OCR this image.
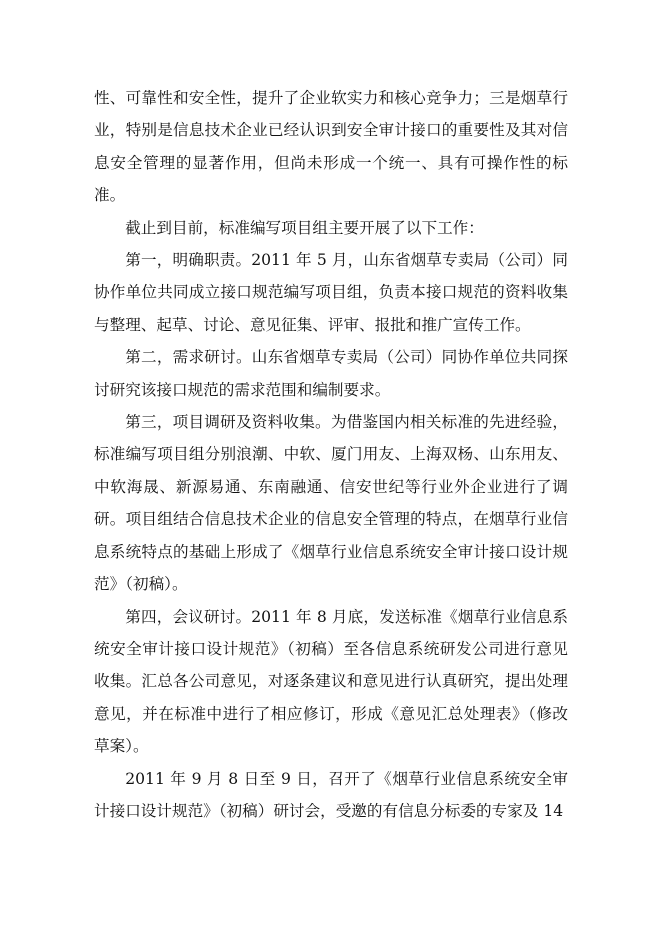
性、可靠性和安全性，提升了企业软实力和核心竞争力；三是烟草行业，特别是信息技术企业已经认识到安全审计接口的重要性及其对信息安全管理的显著作用，但尚未形成一个统一、具有可操作性的标准。

截止到目前，标准编写项目组主要开展了以下工作：

第一，明确职责。2011 年 5 月，山东省烟草专卖局（公司）同协作单位共同成立接口规范编写项目组，负责本接口规范的资料收集与整理、起草、讨论、意见征集、评审、报批和推广宣传工作。

第二，需求研讨。山东省烟草专卖局（公司）同协作单位共同探讨研究该接口规范的需求范围和编制要求。

第三，项目调研及资料收集。为借鉴国内相关标准的先进经验，标准编写项目组分别浪潮、中软、厦门用友、上海双杨、山东用友、中软海晟、新源易通、东南融通、信安世纪等行业外企业进行了调研。项目组结合信息技术企业的信息安全管理的特点，在烟草行业信息系统特点的基础上形成了《烟草行业信息系统安全审计接口设计规范》（初稿）。

第四，会议研讨。2011 年 8 月底，发送标准《烟草行业信息系统安全审计接口设计规范》（初稿）至各信息系统研发公司进行意见收集。汇总各公司意见，对逐条建议和意见进行认真研究，提出处理意见，并在标准中进行了相应修订，形成《意见汇总处理表》（修改草案）。

2011 年 9 月 8 日至 9 日，召开了《烟草行业信息系统安全审计接口设计规范》（初稿）研讨会，受邀的有信息分标委的专家及 14
